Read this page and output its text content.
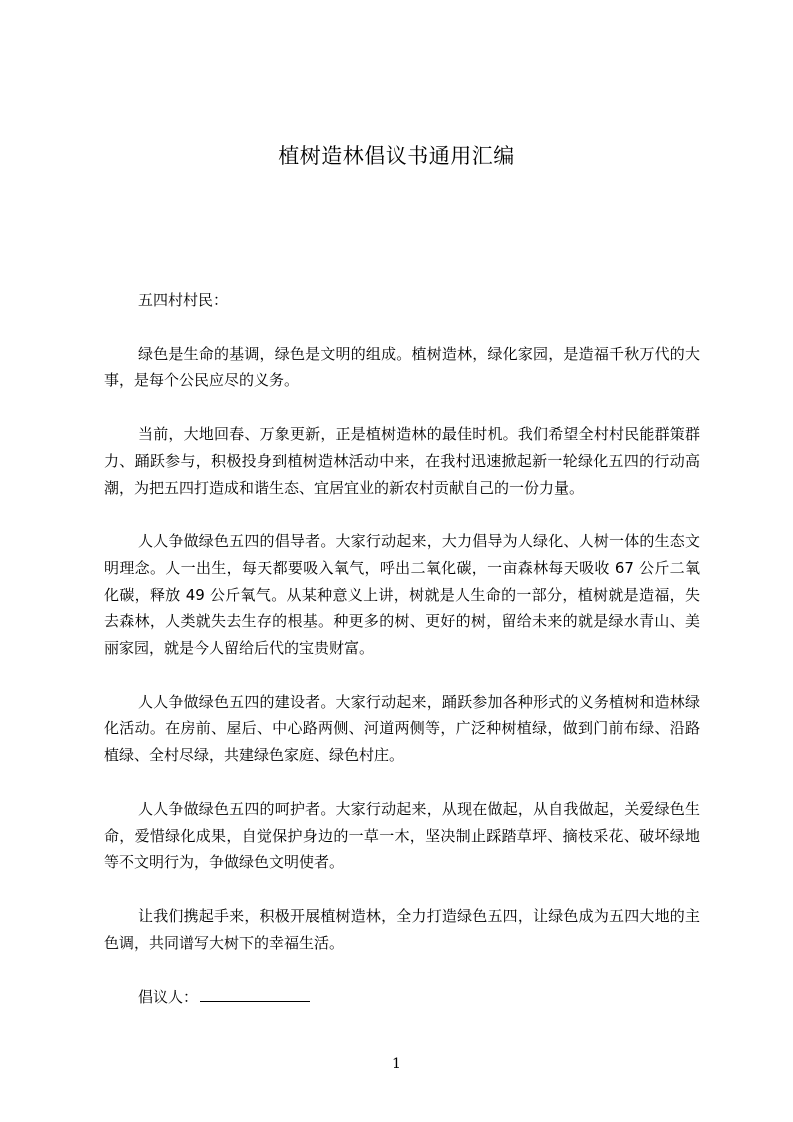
植树造林倡议书通用汇编

五四村村民：

绿色是生命的基调，绿色是文明的组成。植树造林，绿化家园，是造福千秋万代的大事，是每个公民应尽的义务。

当前，大地回春、万象更新，正是植树造林的最佳时机。我们希望全村村民能群策群力、踊跃参与，积极投身到植树造林活动中来，在我村迅速掀起新一轮绿化五四的行动高潮，为把五四打造成和谐生态、宜居宜业的新农村贡献自己的一份力量。

人人争做绿色五四的倡导者。大家行动起来，大力倡导为人绿化、人树一体的生态文明理念。人一出生，每天都要吸入氧气，呼出二氧化碳，一亩森林每天吸收 67 公斤二氧化碳，释放 49 公斤氧气。从某种意义上讲，树就是人生命的一部分，植树就是造福，失去森林，人类就失去生存的根基。种更多的树、更好的树，留给未来的就是绿水青山、美丽家园，就是今人留给后代的宝贵财富。

人人争做绿色五四的建设者。大家行动起来，踊跃参加各种形式的义务植树和造林绿化活动。在房前、屋后、中心路两侧、河道两侧等，广泛种树植绿，做到门前布绿、沿路植绿、全村尽绿，共建绿色家庭、绿色村庄。

人人争做绿色五四的呵护者。大家行动起来，从现在做起，从自我做起，关爱绿色生命，爱惜绿化成果，自觉保护身边的一草一木，坚决制止踩踏草坪、摘枝采花、破坏绿地等不文明行为，争做绿色文明使者。

让我们携起手来，积极开展植树造林，全力打造绿色五四，让绿色成为五四大地的主色调，共同谱写大树下的幸福生活。

倡议人：
1
